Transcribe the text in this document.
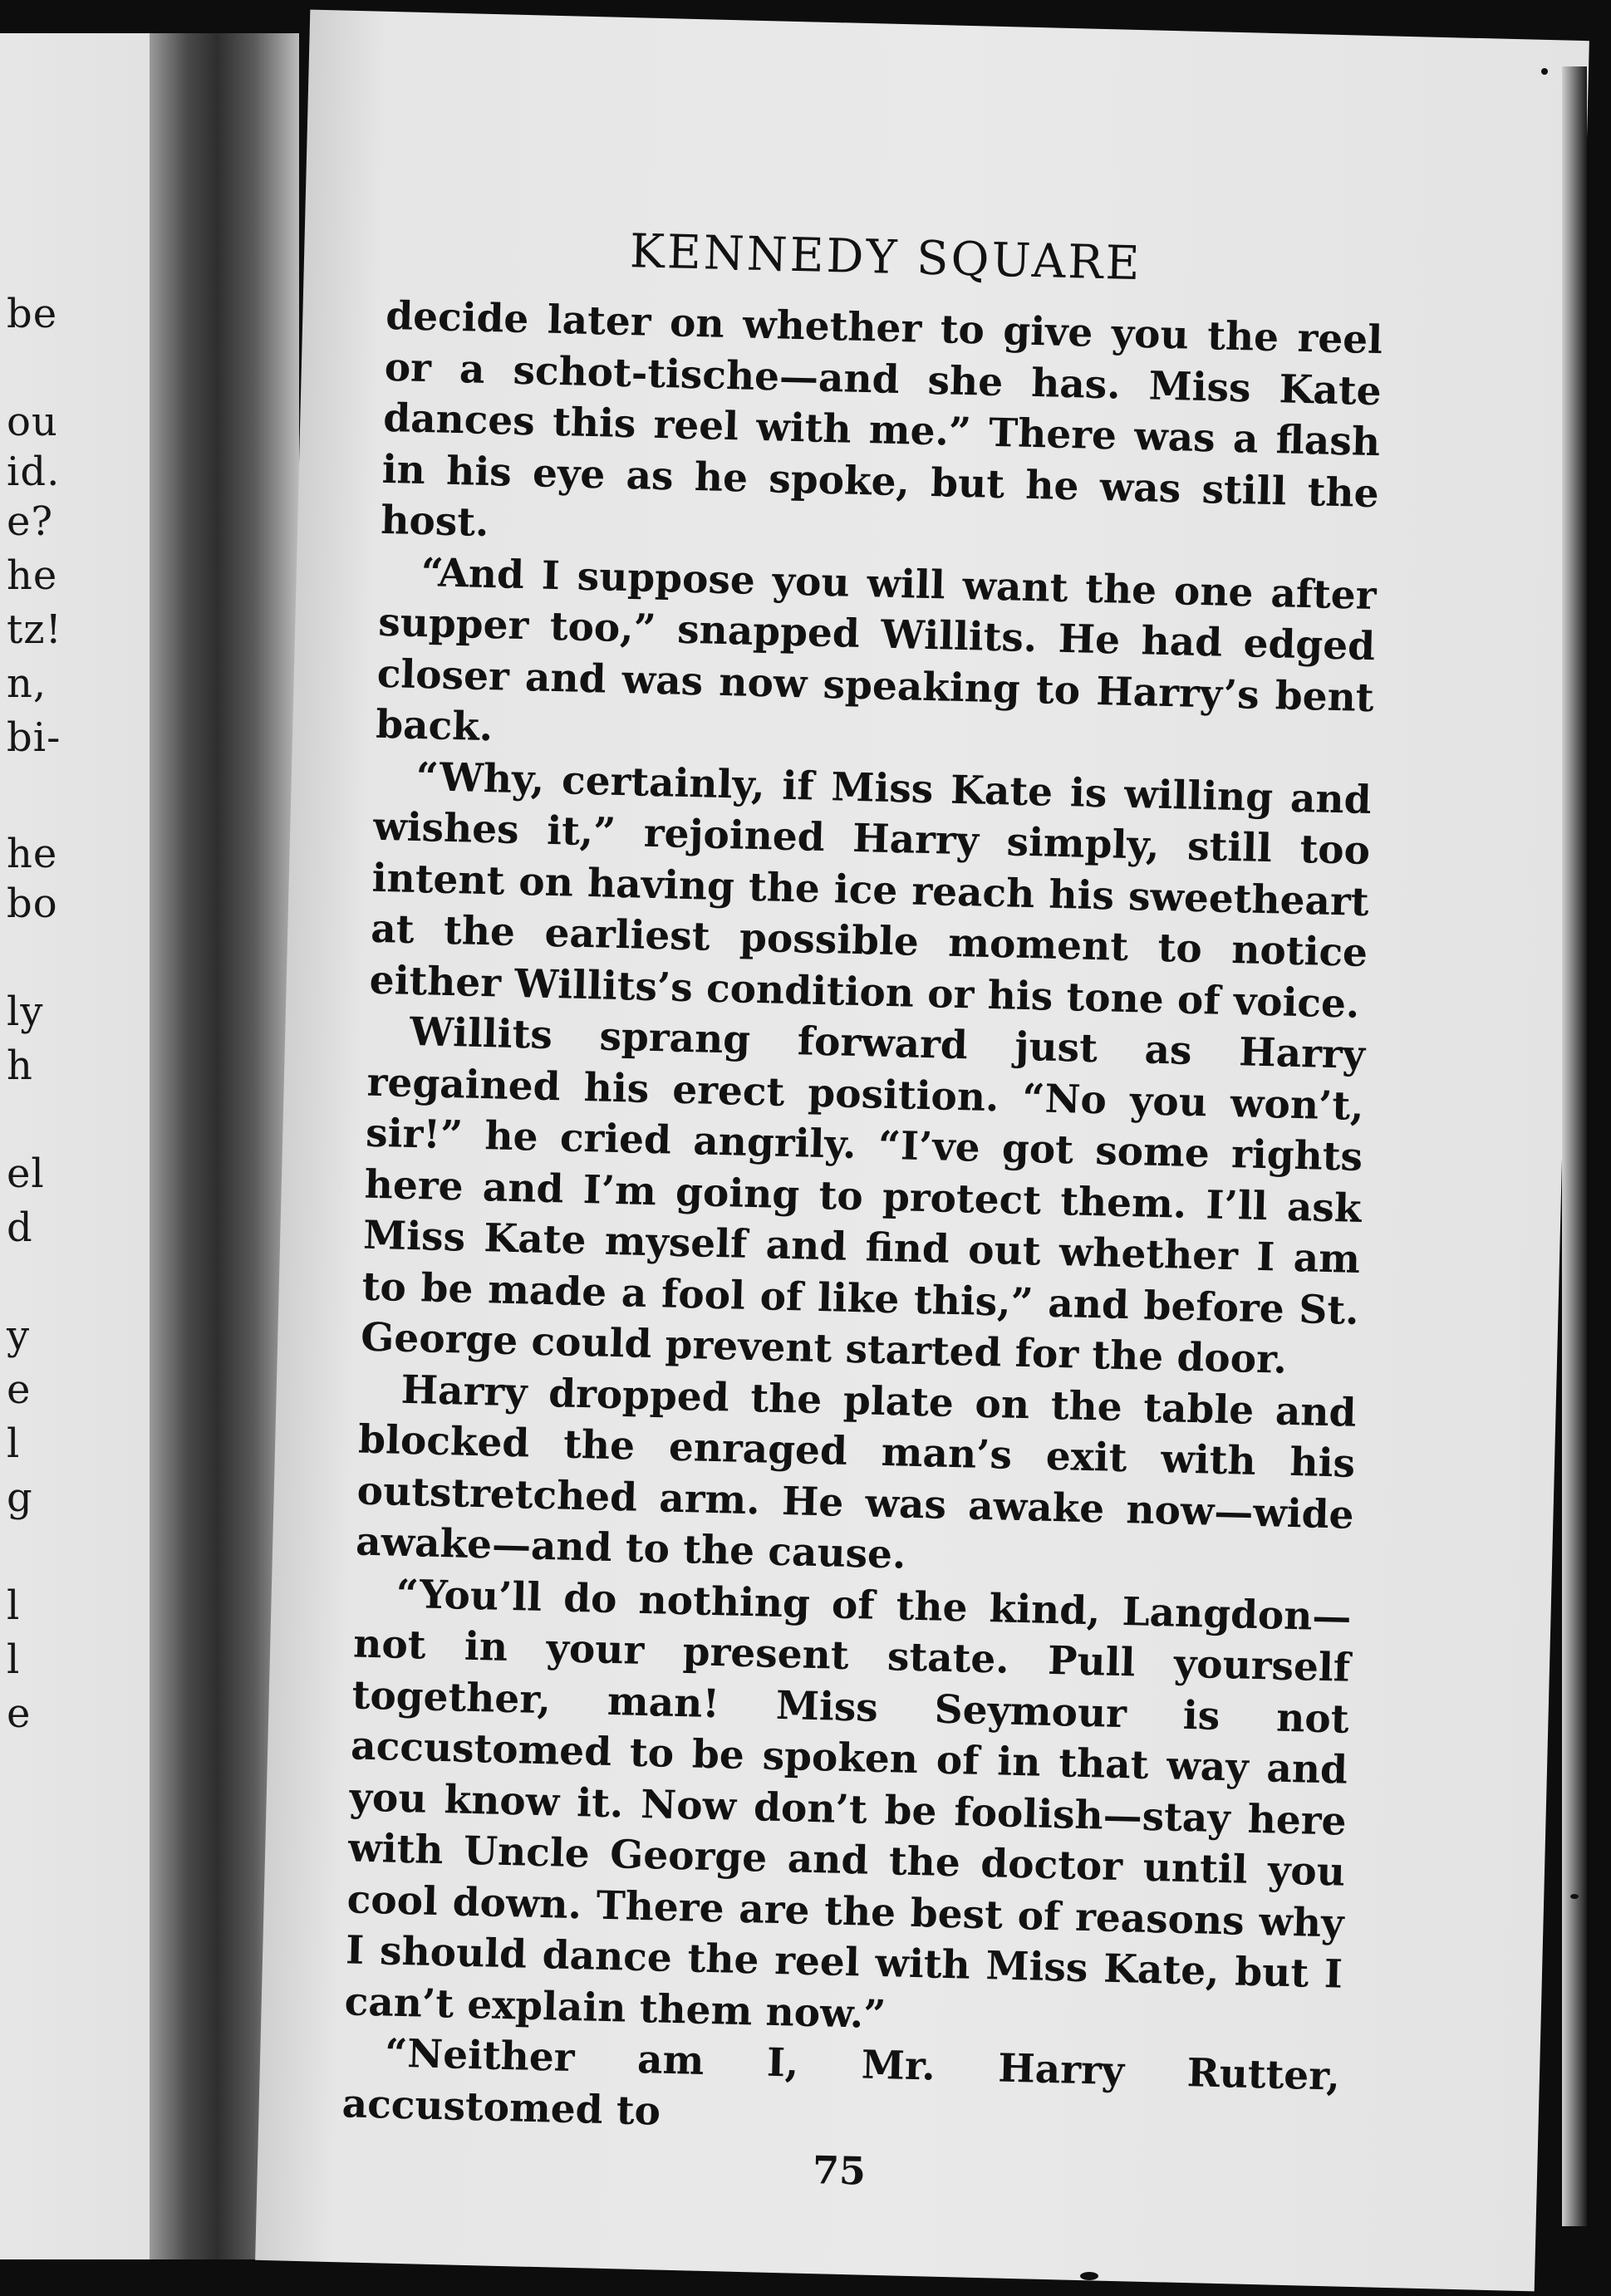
be
ou
id.
e?
he
tz!
n,
bi-
he
bo
ly
h
el
d
y
e
l
g
l
l
e
KENNEDY SQUARE

decide later on whether to give you the reel or a schot-tische—and she has. Miss Kate dances this reel with me.” There was a flash in his eye as he spoke, but he was still the host.

“And I suppose you will want the one after supper too,” snapped Willits. He had edged closer and was now speaking to Harry’s bent back.

“Why, certainly, if Miss Kate is willing and wishes it,” rejoined Harry simply, still too intent on having the ice reach his sweetheart at the earliest possible moment to notice either Willits’s condition or his tone of voice.

Willits sprang forward just as Harry regained his erect position. “No you won’t, sir!” he cried angrily. “I’ve got some rights here and I’m going to protect them. I’ll ask Miss Kate myself and find out whether I am to be made a fool of like this,” and before St. George could prevent started for the door.

Harry dropped the plate on the table and blocked the enraged man’s exit with his outstretched arm. He was awake now—wide awake—and to the cause.

“You’ll do nothing of the kind, Langdon—not in your present state. Pull yourself together, man! Miss Seymour is not accustomed to be spoken of in that way and you know it. Now don’t be foolish—stay here with Uncle George and the doctor until you cool down. There are the best of reasons why I should dance the reel with Miss Kate, but I can’t explain them now.”

“Neither am I, Mr. Harry Rutter, accustomed to

75
